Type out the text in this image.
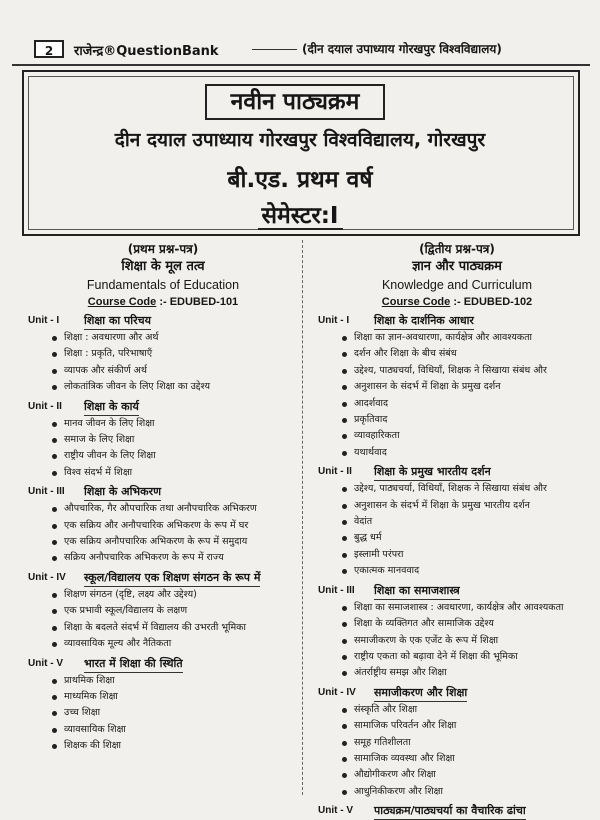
2	राजेन्द्र®QuestionBank	(दीन दयाल उपाध्याय गोरखपुर विश्वविद्यालय)
नवीन पाठ्यक्रम
दीन दयाल उपाध्याय गोरखपुर विश्वविद्यालय, गोरखपुर
बी.एड. प्रथम वर्ष
सेमेस्टर:I
(प्रथम प्रश्न-पत्र)
शिक्षा के मूल तत्व
Fundamentals of Education
Course Code :- EDUBED-101
Unit - I	शिक्षा का परिचय
शिक्षा : अवधारणा और अर्थ
शिक्षा : प्रकृति, परिभाषाएँ
व्यापक और संकीर्ण अर्थ
लोकतांत्रिक जीवन के लिए शिक्षा का उद्देश्य
Unit - II	शिक्षा के कार्य
मानव जीवन के लिए शिक्षा
समाज के लिए शिक्षा
राष्ट्रीय जीवन के लिए शिक्षा
विश्व संदर्भ में शिक्षा
Unit - III	शिक्षा के अभिकरण
औपचारिक, गैर औपचारिक तथा अनौपचारिक अभिकरण
एक सक्रिय और अनौपचारिक अभिकरण के रूप में घर
एक सक्रिय अनौपचारिक अभिकरण के रूप में समुदाय
सक्रिय अनौपचारिक अभिकरण के रूप में राज्य
Unit - IV	स्कूल/विद्यालय एक शिक्षण संगठन के रूप में
शिक्षण संगठन (दृष्टि, लक्ष्य और उद्देश्य)
एक प्रभावी स्कूल/विद्यालय के लक्षण
शिक्षा के बदलते संदर्भ में विद्यालय की उभरती भूमिका
व्यावसायिक मूल्य और नैतिकता
Unit - V	भारत में शिक्षा की स्थिति
प्राथमिक शिक्षा
माध्यमिक शिक्षा
उच्च शिक्षा
व्यावसायिक शिक्षा
शिक्षक की शिक्षा
(द्वितीय प्रश्न-पत्र)
ज्ञान और पाठ्यक्रम
Knowledge and Curriculum
Course Code :- EDUBED-102
Unit - I	शिक्षा के दार्शनिक आधार
शिक्षा का ज्ञान-अवधारणा, कार्यक्षेत्र और आवश्यकता
दर्शन और शिक्षा के बीच संबंध
उद्देश्य, पाठ्यचर्या, विधियाँ, शिक्षक ने सिखाया संबंध और
अनुशासन के संदर्भ में शिक्षा के प्रमुख दर्शन
आदर्शवाद
प्रकृतिवाद
व्यावहारिकता
यथार्थवाद
Unit - II	शिक्षा के प्रमुख भारतीय दर्शन
उद्देश्य, पाठ्यचर्या, विधियाँ, शिक्षक ने सिखाया संबंध और
अनुशासन के संदर्भ में शिक्षा के प्रमुख भारतीय दर्शन
वेदांत
बुद्ध धर्म
इस्लामी परंपरा
एकात्मक मानववाद
Unit - III	शिक्षा का समाजशास्त्र
शिक्षा का समाजशास्त्र : अवधारणा, कार्यक्षेत्र और आवश्यकता
शिक्षा के व्यक्तिगत और सामाजिक उद्देश्य
समाजीकरण के एक एजेंट के रूप में शिक्षा
राष्ट्रीय एकता को बढ़ावा देने में शिक्षा की भूमिका
अंतर्राष्ट्रीय समझ और शिक्षा
Unit - IV	समाजीकरण और शिक्षा
संस्कृति और शिक्षा
सामाजिक परिवर्तन और शिक्षा
समूह गतिशीलता
सामाजिक व्यवस्था और शिक्षा
औद्योगीकरण और शिक्षा
आधुनिकीकरण और शिक्षा
Unit - V	पाठ्यक्रम/पाठ्यचर्या का वैचारिक ढांचा
